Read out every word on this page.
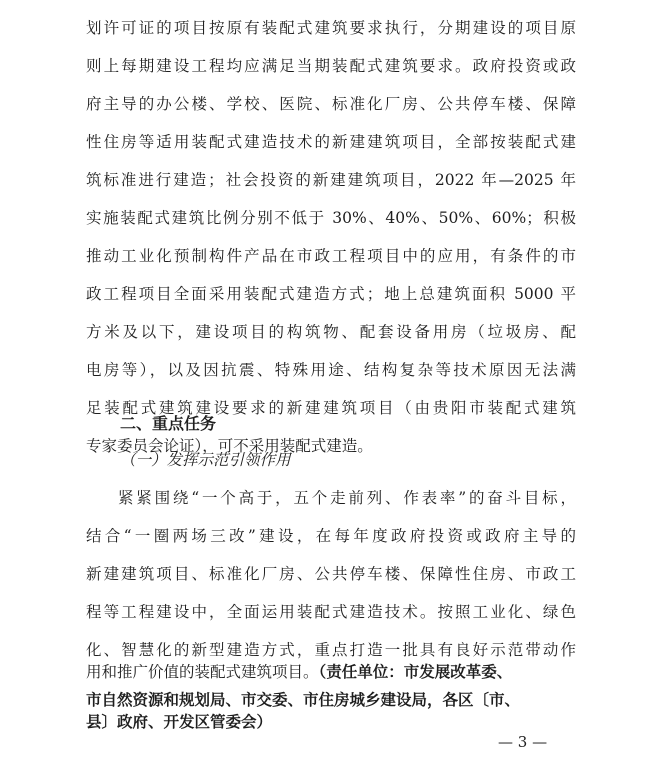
划许可证的项目按原有装配式建筑要求执行，分期建设的项目原
则上每期建设工程均应满足当期装配式建筑要求。政府投资或政
府主导的办公楼、学校、医院、标准化厂房、公共停车楼、保障
性住房等适用装配式建造技术的新建建筑项目，全部按装配式建
筑标准进行建造；社会投资的新建建筑项目，2022 年—2025 年
实施装配式建筑比例分别不低于 30%、40%、50%、60%；积极
推动工业化预制构件产品在市政工程项目中的应用，有条件的市
政工程项目全面采用装配式建造方式；地上总建筑面积 5000 平
方米及以下，建设项目的构筑物、配套设备用房（垃圾房、配
电房等），以及因抗震、特殊用途、结构复杂等技术原因无法满
足装配式建筑建设要求的新建建筑项目（由贵阳市装配式建筑
专家委员会论证），可不采用装配式建造。
二、重点任务
（一）发挥示范引领作用
紧紧围绕“一个高于，五个走前列、作表率”的奋斗目标，
结合“一圈两场三改”建设，在每年度政府投资或政府主导的
新建建筑项目、标准化厂房、公共停车楼、保障性住房、市政工
程等工程建设中，全面运用装配式建造技术。按照工业化、绿色
化、智慧化的新型建造方式，重点打造一批具有良好示范带动作
用和推广价值的装配式建筑项目。（责任单位：市发展改革委、
市自然资源和规划局、市交委、市住房城乡建设局，各区〔市、
县〕政府、开发区管委会）
— 3 —
